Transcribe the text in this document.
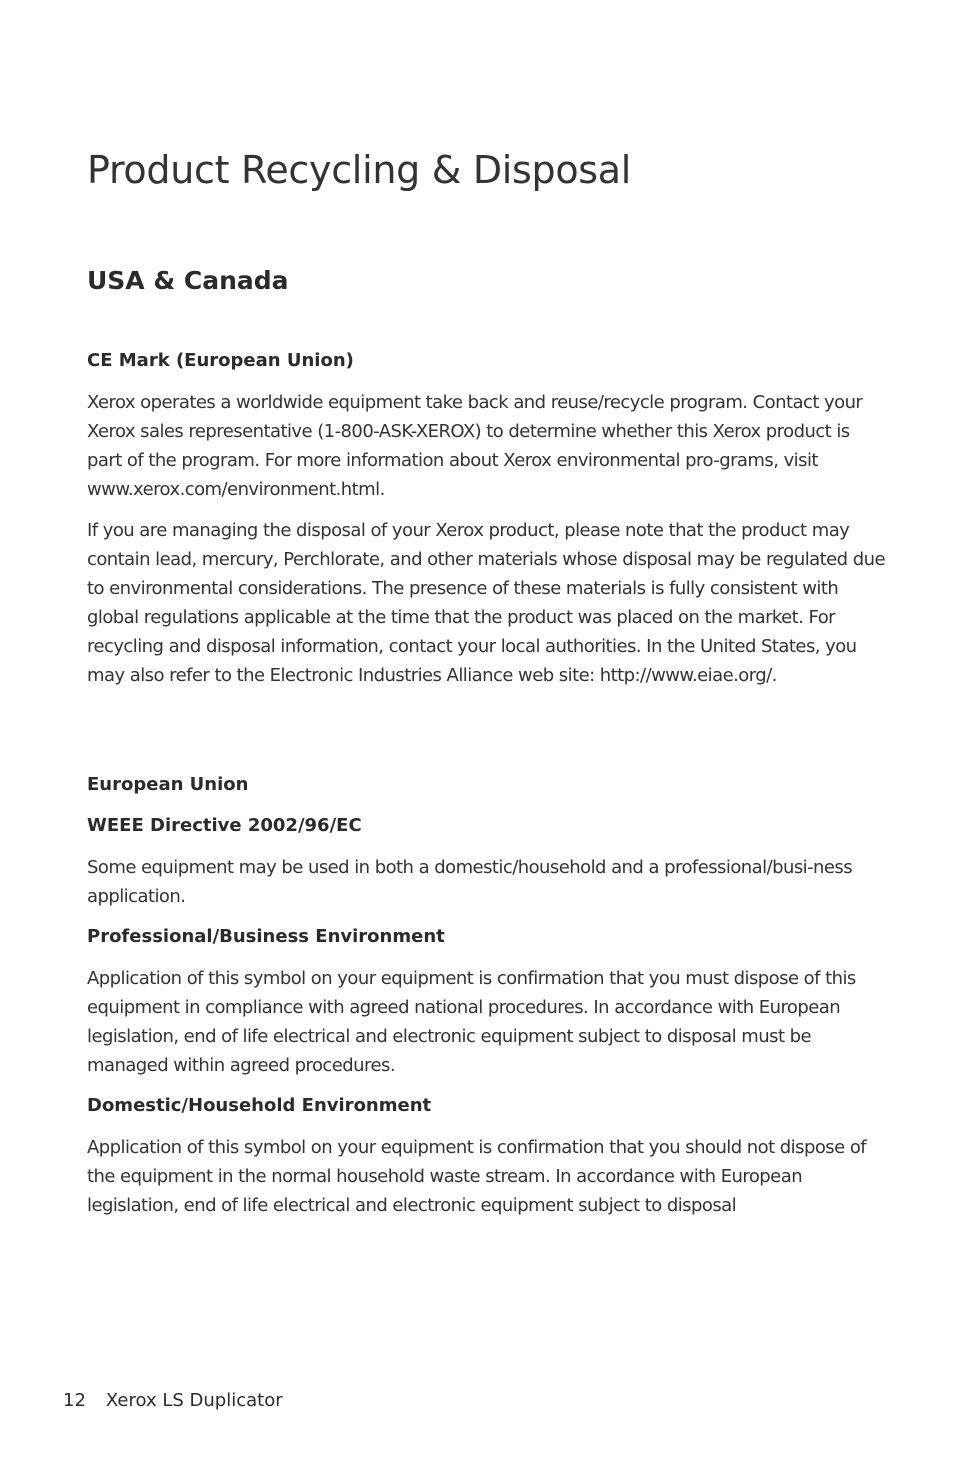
Product Recycling & Disposal
USA & Canada

CE Mark (European Union)

Xerox operates a worldwide equipment take back and reuse/recycle program. Contact your Xerox sales representative (1-800-ASK-XEROX) to determine whether this Xerox product is part of the program. For more information about Xerox environmental pro-grams, visit www.xerox.com/environment.html.

If you are managing the disposal of your Xerox product, please note that the product may contain lead, mercury, Perchlorate, and other materials whose disposal may be regulated due to environmental considerations. The presence of these materials is fully consistent with global regulations applicable at the time that the product was placed on the market. For recycling and disposal information, contact your local authorities. In the United States, you may also refer to the Electronic Industries Alliance web site: http://www.eiae.org/.

European Union

WEEE Directive 2002/96/EC

Some equipment may be used in both a domestic/household and a professional/busi-ness application.

Professional/Business Environment

Application of this symbol on your equipment is confirmation that you must dispose of this equipment in compliance with agreed national procedures. In accordance with European legislation, end of life electrical and electronic equipment subject to disposal must be managed within agreed procedures.

Domestic/Household Environment

Application of this symbol on your equipment is confirmation that you should not dispose of the equipment in the normal household waste stream. In accordance with European legislation, end of life electrical and electronic equipment subject to disposal

12 Xerox LS Duplicator
